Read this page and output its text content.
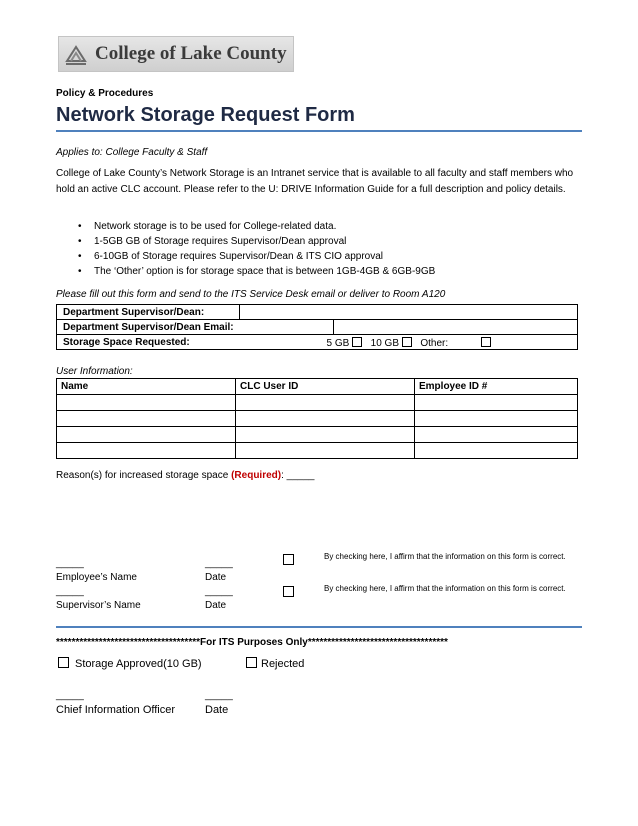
College of Lake County
Policy & Procedures
Network Storage Request Form
Applies to: College Faculty & Staff
College of Lake County’s Network Storage is an Intranet service that is available to all faculty and staff members who hold an active CLC account. Please refer to the U: DRIVE Information Guide for a full description and policy details.
• Network storage is to be used for College-related data.
• 1-5GB GB of Storage requires Supervisor/Dean approval
• 6-10GB of Storage requires Supervisor/Dean & ITS CIO approval
• The ‘Other’ option is for storage space that is between 1GB-4GB & 6GB-9GB
Please fill out this form and send to the ITS Service Desk email or deliver to Room A120
Department Supervisor/Dean:		
Department Supervisor/Dean Email:		
Storage Space Requested: 5 GB 10 GB Other:		
User Information:
Name	CLC User ID	Employee ID #

Reason(s) for increased storage space (Required): _____
_____
Employee’s Name
_____
Date
By checking here, I affirm that the information on this form is correct.
_____
Supervisor’s Name
_____
Date
By checking here, I affirm that the information on this form is correct.
*************************************For ITS Purposes Only************************************
Storage Approved(10 GB)	Rejected
_____	_____
Chief Information Officer	Date
